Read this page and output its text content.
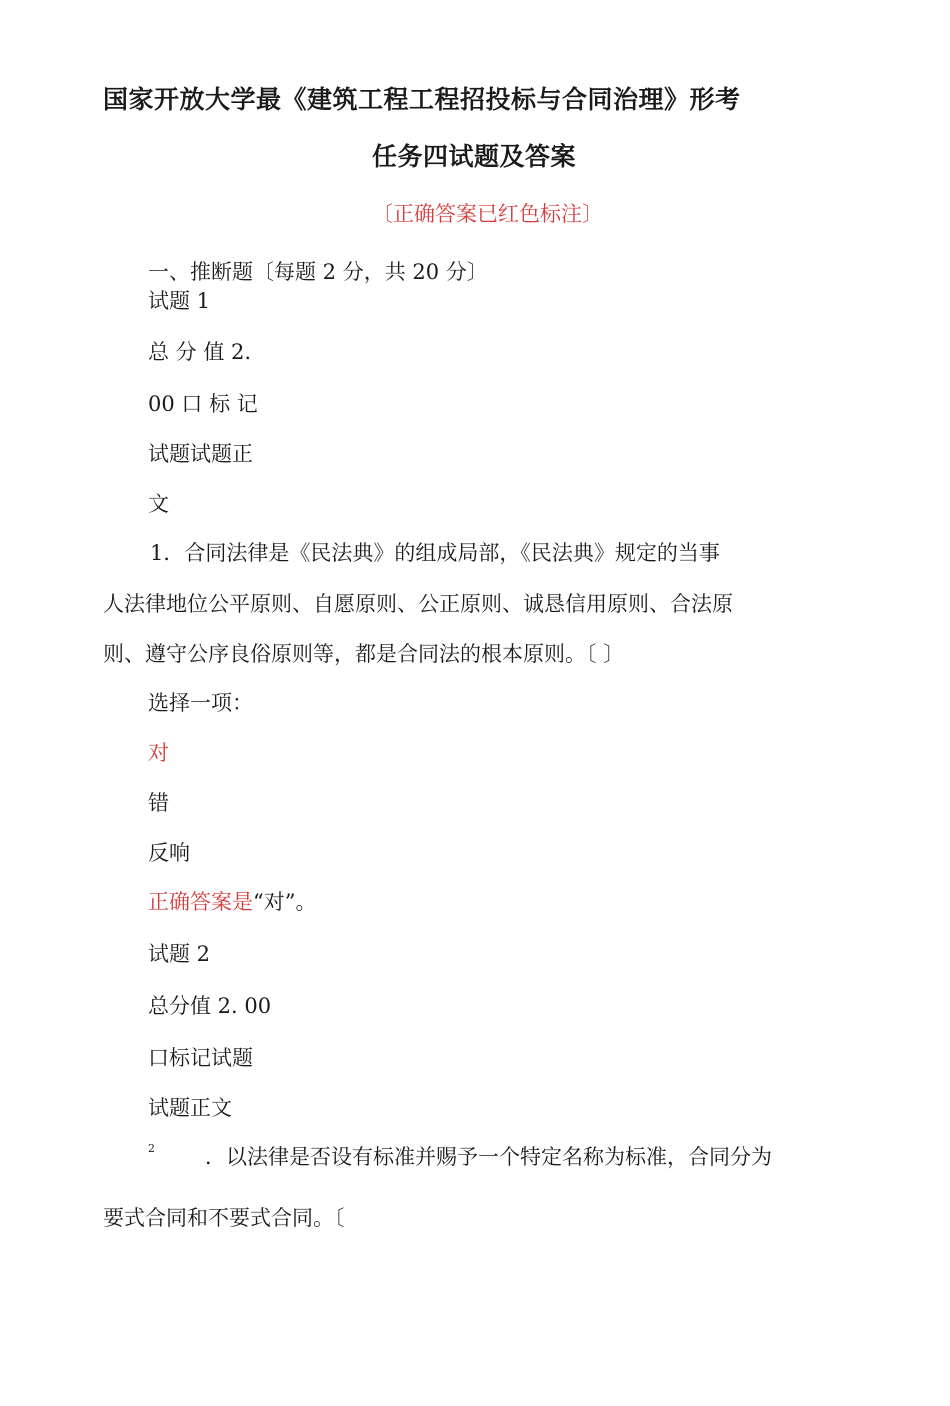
国家开放大学最《建筑工程工程招投标与合同治理》形考
任务四试题及答案
〔正确答案已红色标注〕
一、推断题〔每题 2 分，共 20 分〕
试题 1
总 分 值 2.
00 口 标 记
试题试题正
文
1．合同法律是《民法典》的组成局部，《民法典》规定的当事
人法律地位公平原则、自愿原则、公正原则、诚恳信用原则、合法原
则、遵守公序良俗原则等，都是合同法的根本原则。〔 〕
选择一项：
对
错
反响
正确答案是“对”。
试题 2
总分值 2. 00
口标记试题
试题正文
2 ．以法律是否设有标准并赐予一个特定名称为标准，合同分为
要式合同和不要式合同。〔
